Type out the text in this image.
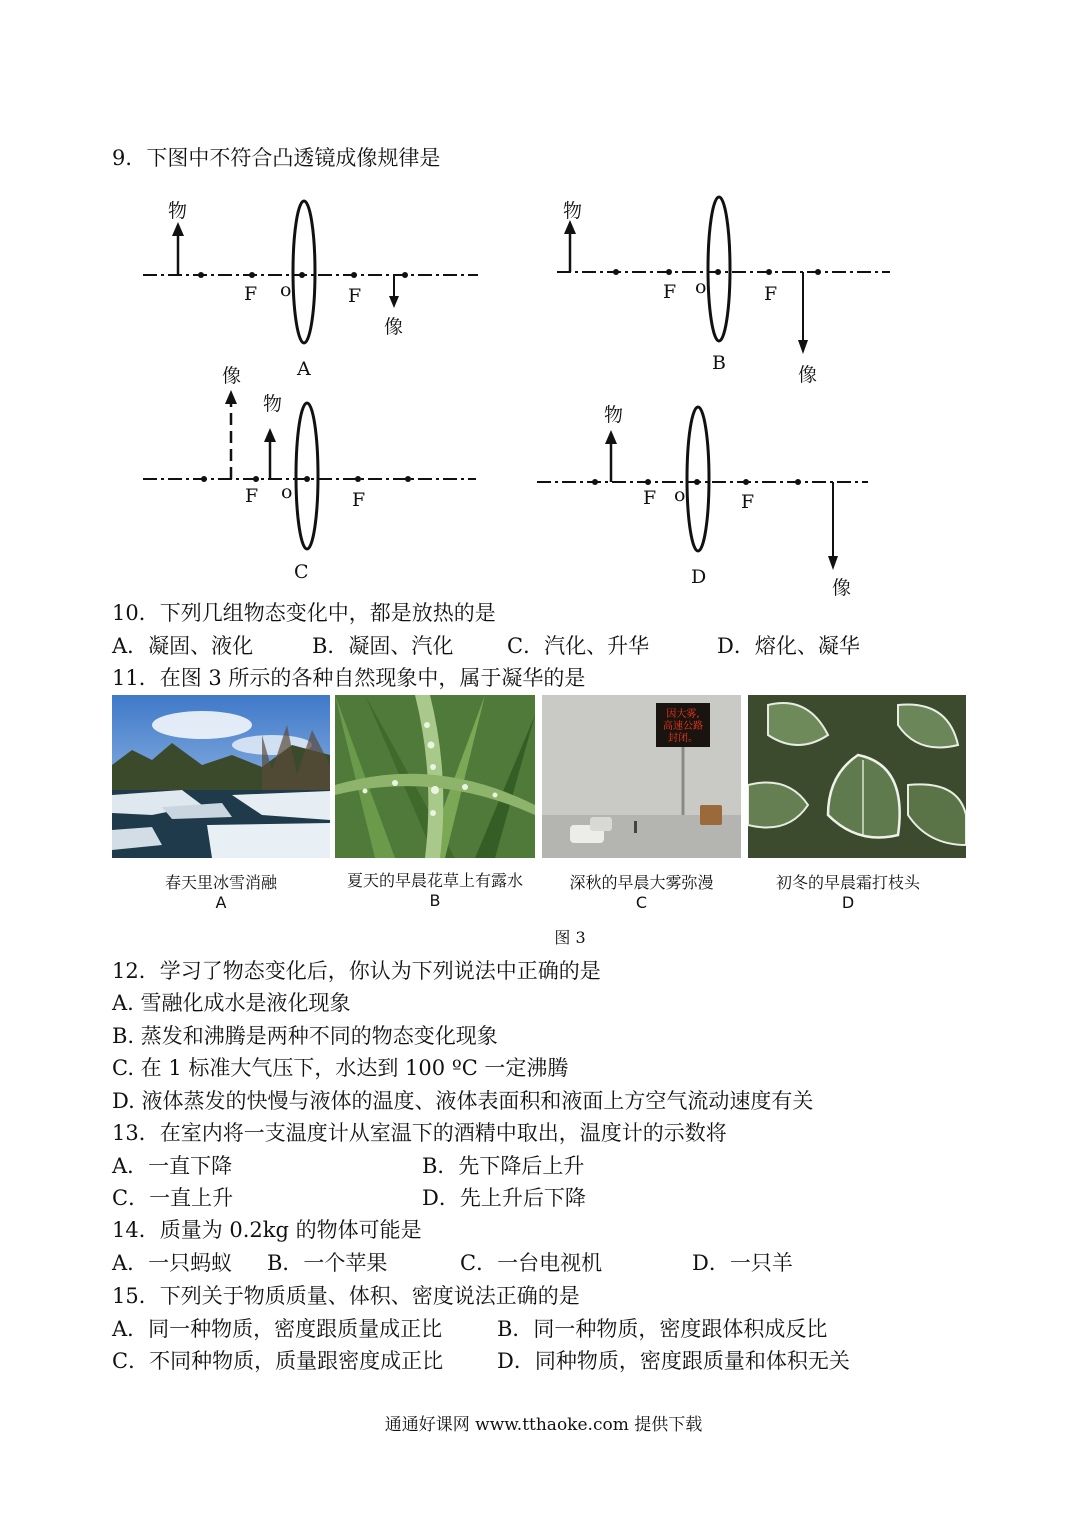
9．下图中不符合凸透镜成像规律是
物
F o	F
像
A
物
F o	F
像
B
像
物
F o	F
C
物
F o	F
D	像
10．下列几组物态变化中，都是放热的是
A．凝固、液化	B．凝固、汽化	C．汽化、升华	D．熔化、凝华
11．在图 3 所示的各种自然现象中，属于凝华的是
春天里冰雪消融
A
夏天的早晨花草上有露水
B
因大雾,
高速公路
封闭。
深秋的早晨大雾弥漫
C
初冬的早晨霜打枝头
D
图 3
12．学习了物态变化后，你认为下列说法中正确的是
A. 雪融化成水是液化现象
B. 蒸发和沸腾是两种不同的物态变化现象
C. 在 1 标准大气压下，水达到 100 ºC 一定沸腾
D. 液体蒸发的快慢与液体的温度、液体表面积和液面上方空气流动速度有关
13．在室内将一支温度计从室温下的酒精中取出，温度计的示数将
A．一直下降	B．先下降后上升
C．一直上升	D．先上升后下降
14．质量为 0.2kg 的物体可能是
A．一只蚂蚁 B．一个苹果	C．一台电视机	D．一只羊
15．下列关于物质质量、体积、密度说法正确的是
A．同一种物质，密度跟质量成正比	B．同一种物质，密度跟体积成反比
C．不同种物质，质量跟密度成正比	D．同种物质，密度跟质量和体积无关
通通好课网 www.tthaoke.com 提供下载
